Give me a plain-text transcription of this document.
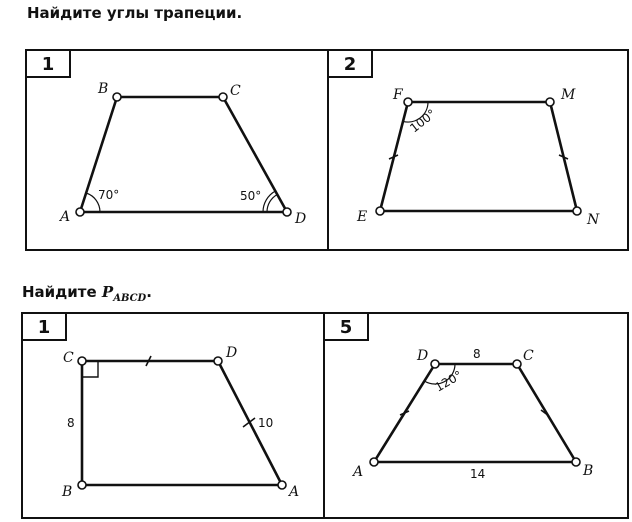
Найдите углы трапеции.
Найдите $P_{ABCD}$.
1	2
A
B	C
D
70°	50°
F	M
E	N
100°
1	5
C	D
B	A
8	10
D	C
A	B
8
14
120°
